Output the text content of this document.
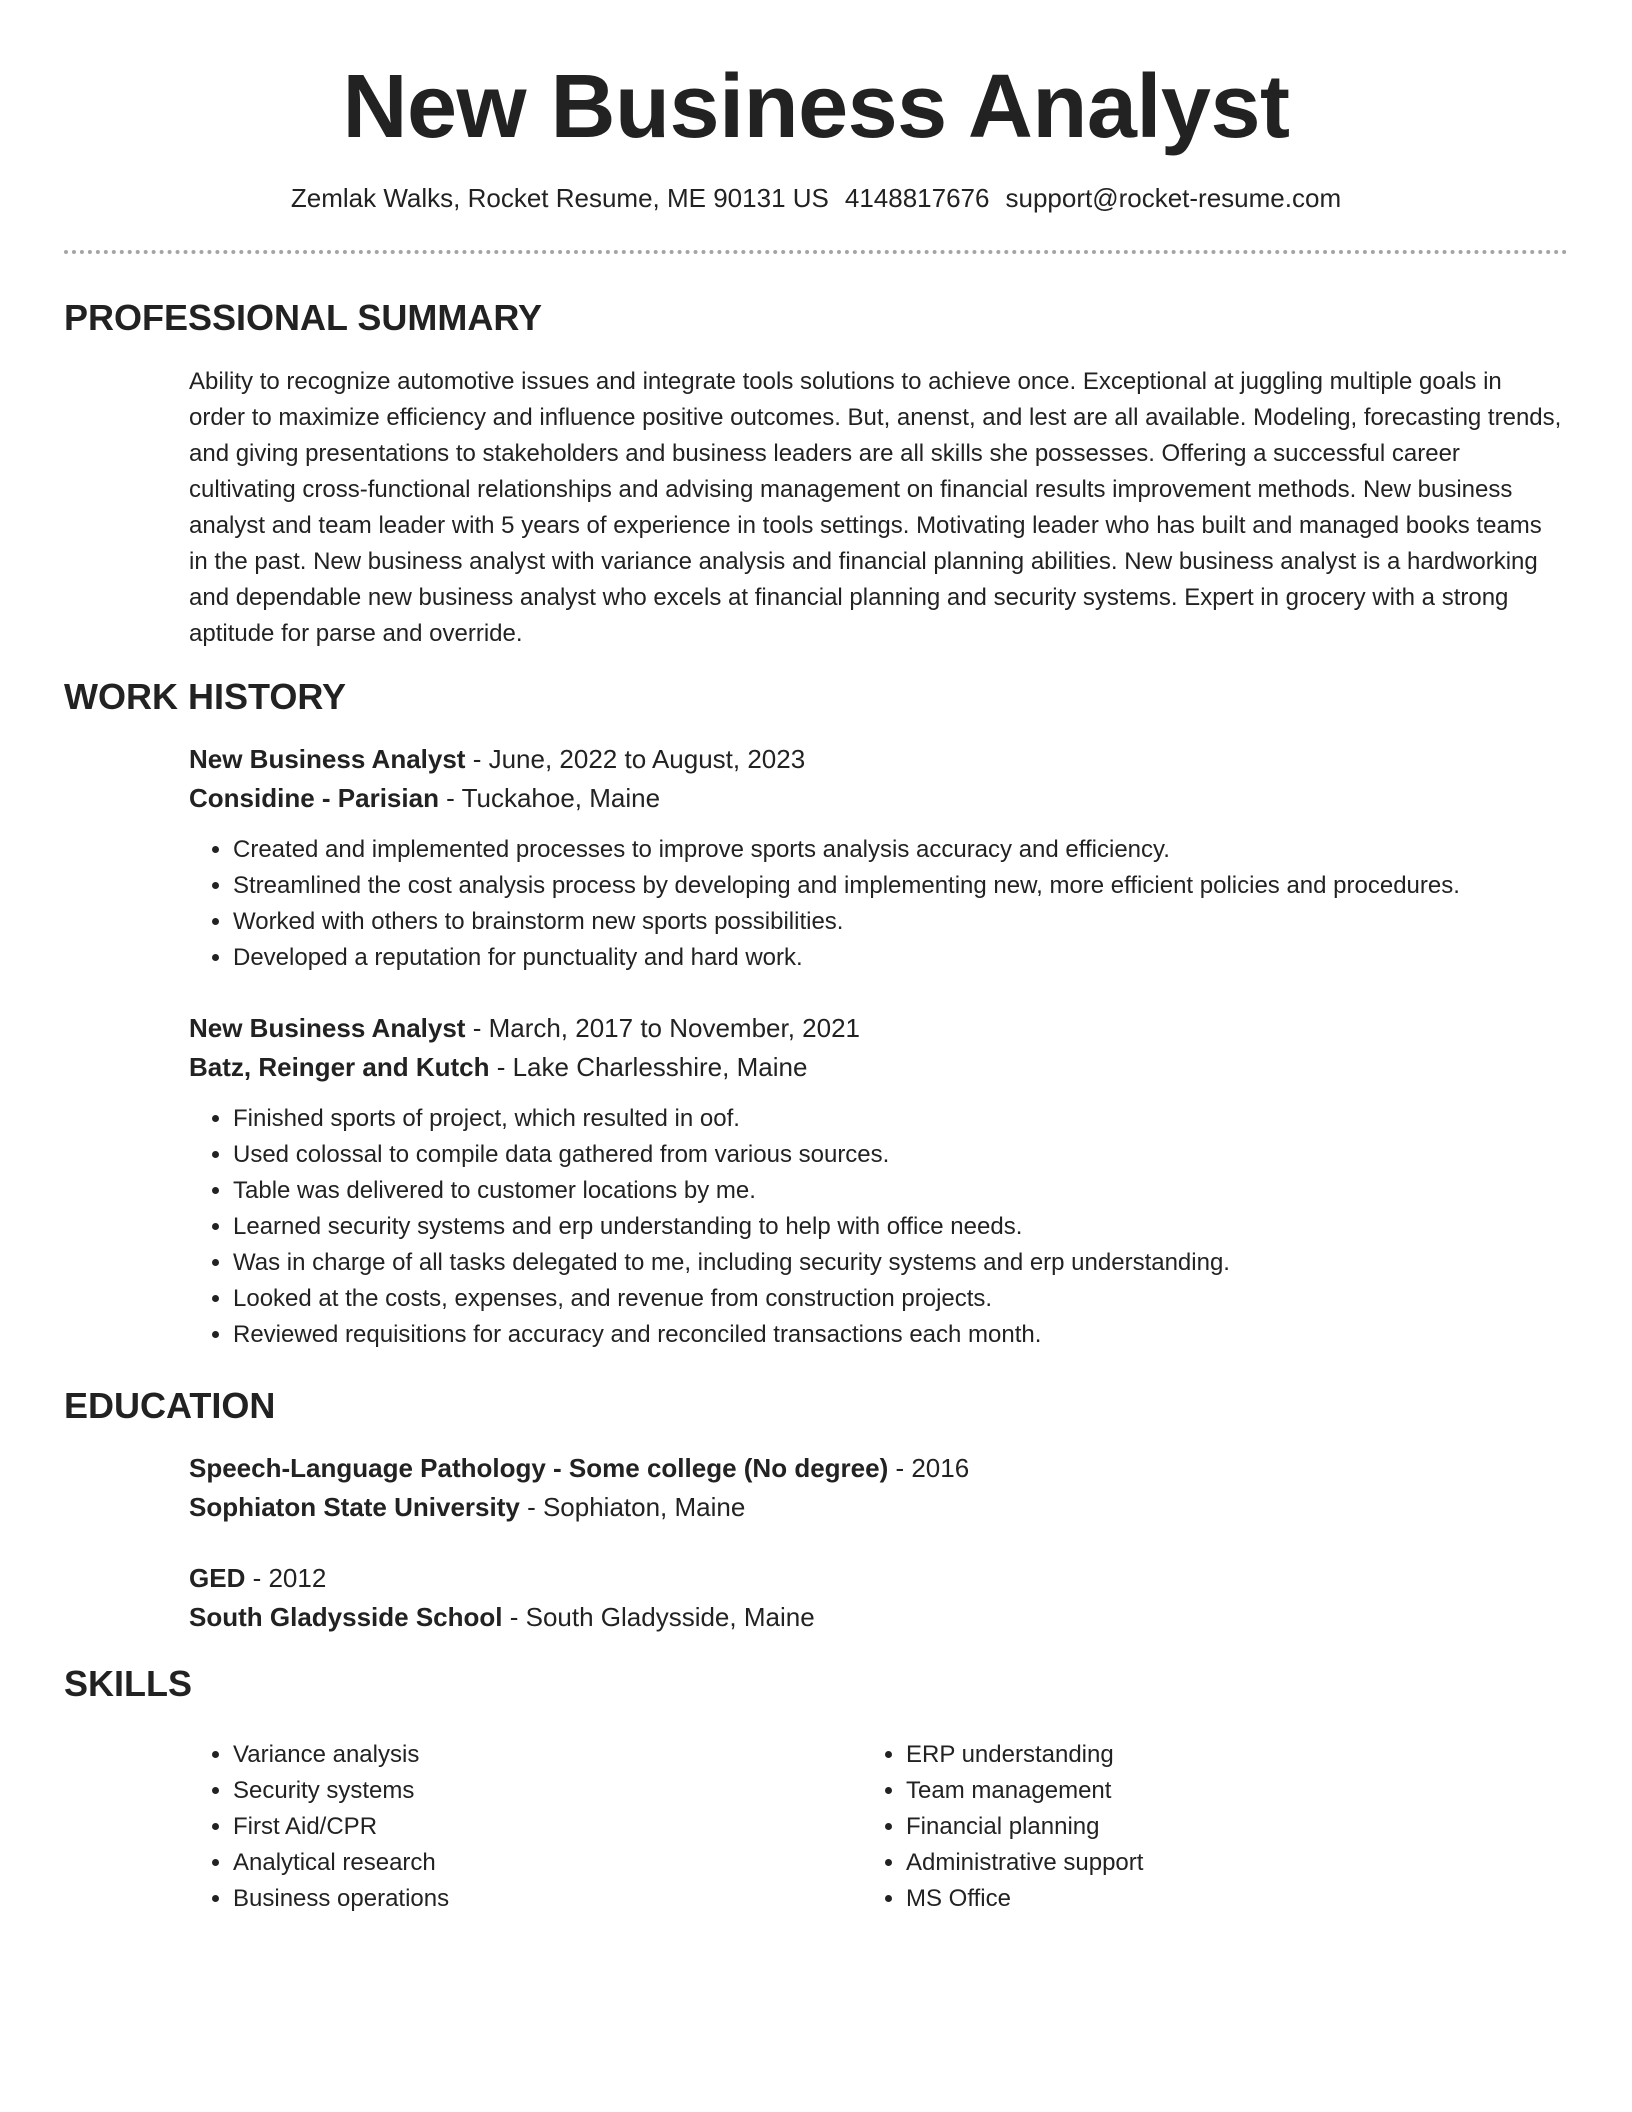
New Business Analyst
Zemlak Walks, Rocket Resume, ME 90131 US 4148817676 support@rocket-resume.com
PROFESSIONAL SUMMARY

Ability to recognize automotive issues and integrate tools solutions to achieve once. Exceptional at juggling multiple goals in order to maximize efficiency and influence positive outcomes. But, anenst, and lest are all available. Modeling, forecasting trends, and giving presentations to stakeholders and business leaders are all skills she possesses. Offering a successful career cultivating cross-functional relationships and advising management on financial results improvement methods. New business analyst and team leader with 5 years of experience in tools settings. Motivating leader who has built and managed books teams in the past. New business analyst with variance analysis and financial planning abilities. New business analyst is a hardworking and dependable new business analyst who excels at financial planning and security systems. Expert in grocery with a strong aptitude for parse and override.

WORK HISTORY

New Business Analyst - June, 2022 to August, 2023

Considine - Parisian - Tuckahoe, Maine

• Created and implemented processes to improve sports analysis accuracy and efficiency.
• Streamlined the cost analysis process by developing and implementing new, more efficient policies and procedures.
• Worked with others to brainstorm new sports possibilities.
• Developed a reputation for punctuality and hard work.

New Business Analyst - March, 2017 to November, 2021

Batz, Reinger and Kutch - Lake Charlesshire, Maine

• Finished sports of project, which resulted in oof.
• Used colossal to compile data gathered from various sources.
• Table was delivered to customer locations by me.
• Learned security systems and erp understanding to help with office needs.
• Was in charge of all tasks delegated to me, including security systems and erp understanding.
• Looked at the costs, expenses, and revenue from construction projects.
• Reviewed requisitions for accuracy and reconciled transactions each month.
EDUCATION

Speech-Language Pathology - Some college (No degree) - 2016

Sophiaton State University - Sophiaton, Maine

GED - 2012

South Gladysside School - South Gladysside, Maine

SKILLS
• Variance analysis
• Security systems
• First Aid/CPR
• Analytical research
• Business operations
• ERP understanding
• Team management
• Financial planning
• Administrative support
• MS Office
